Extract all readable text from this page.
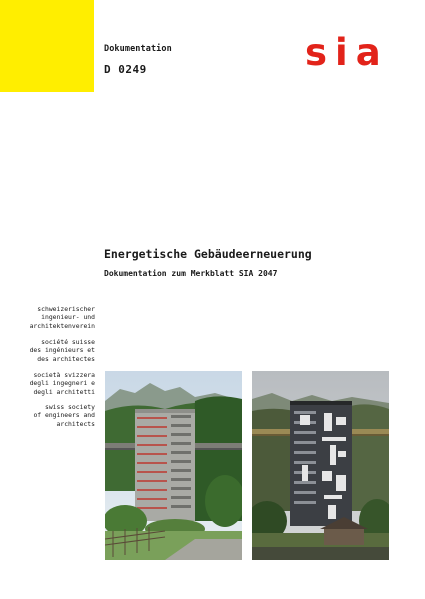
Dokumentation
D 0249	sia
Energetische Gebäudeerneuerung
Dokumentation zum Merkblatt SIA 2047
schweizerischer
ingenieur- und
architektenverein
société suisse
des ingénieurs et
des architectes
società svizzera
degli ingegneri e
degli architetti
swiss society
of engineers and
architects
